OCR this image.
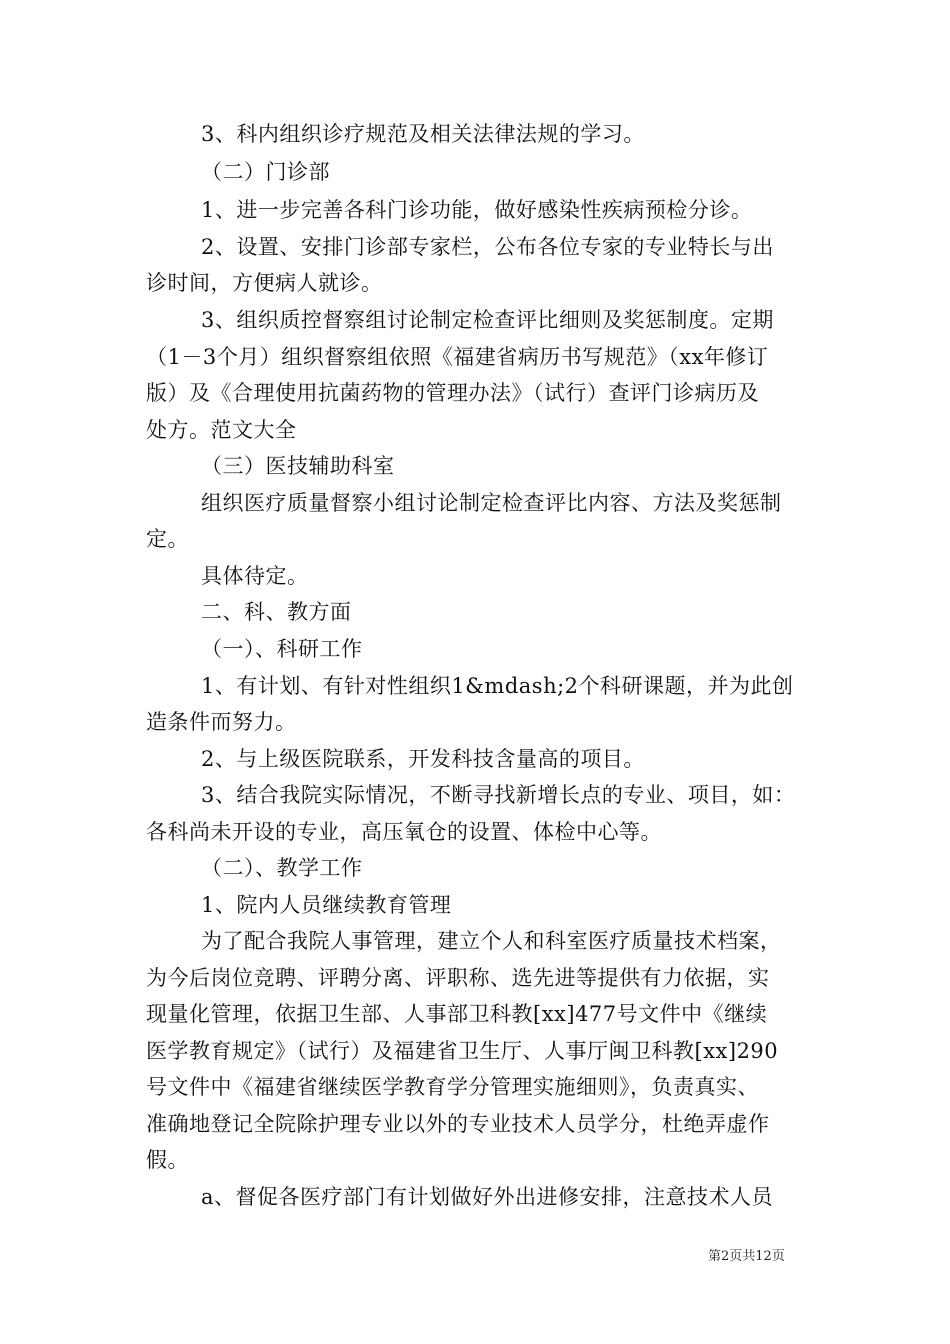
3、科内组织诊疗规范及相关法律法规的学习。
（二）门诊部
1、进一步完善各科门诊功能，做好感染性疾病预检分诊。
2、设置、安排门诊部专家栏，公布各位专家的专业特长与出
诊时间，方便病人就诊。
3、组织质控督察组讨论制定检查评比细则及奖惩制度。定期
（1－3个月）组织督察组依照《福建省病历书写规范》（xx年修订
版）及《合理使用抗菌药物的管理办法》（试行）查评门诊病历及
处方。范文大全
（三）医技辅助科室
组织医疗质量督察小组讨论制定检查评比内容、方法及奖惩制
定。
具体待定。
二、科、教方面
（一）、科研工作
1、有计划、有针对性组织1&mdash;2个科研课题，并为此创
造条件而努力。
2、与上级医院联系，开发科技含量高的项目。
3、结合我院实际情况，不断寻找新增长点的专业、项目，如：
各科尚未开设的专业，高压氧仓的设置、体检中心等。
（二）、教学工作
1、院内人员继续教育管理
为了配合我院人事管理，建立个人和科室医疗质量技术档案，
为今后岗位竞聘、评聘分离、评职称、选先进等提供有力依据，实
现量化管理，依据卫生部、人事部卫科教[xx]477号文件中《继续
医学教育规定》（试行）及福建省卫生厅、人事厅闽卫科教[xx]290
号文件中《福建省继续医学教育学分管理实施细则》，负责真实、
准确地登记全院除护理专业以外的专业技术人员学分，杜绝弄虚作
假。
a、督促各医疗部门有计划做好外出进修安排，注意技术人员
第2页共12页
